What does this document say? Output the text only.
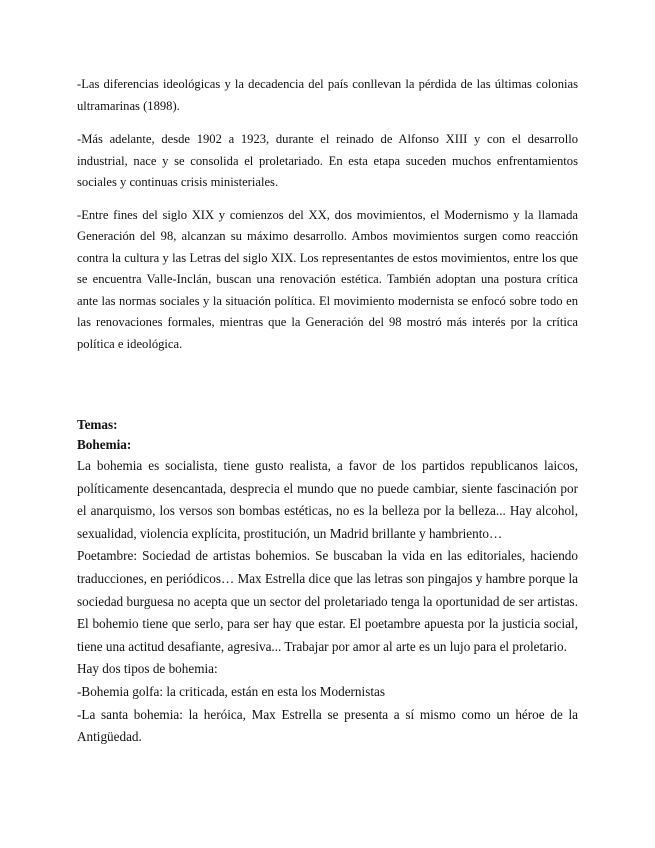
-Las diferencias ideológicas y la decadencia del país conllevan la pérdida de las últimas colonias ultramarinas (1898).

-Más adelante, desde 1902 a 1923, durante el reinado de Alfonso XIII y con el desarrollo industrial, nace y se consolida el proletariado. En esta etapa suceden muchos enfrentamientos sociales y continuas crisis ministeriales.

-Entre fines del siglo XIX y comienzos del XX, dos movimientos, el Modernismo y la llamada Generación del 98, alcanzan su máximo desarrollo. Ambos movimientos surgen como reacción contra la cultura y las Letras del siglo XIX. Los representantes de estos movimientos, entre los que se encuentra Valle-Inclán, buscan una renovación estética. También adoptan una postura crítica ante las normas sociales y la situación política. El movimiento modernista se enfocó sobre todo en las renovaciones formales, mientras que la Generación del 98 mostró más interés por la crítica política e ideológica.

Temas:

Bohemia:

La bohemia es socialista, tiene gusto realista, a favor de los partidos republicanos laicos, políticamente desencantada, desprecia el mundo que no puede cambiar, siente fascinación por el anarquismo, los versos son bombas estéticas, no es la belleza por la belleza... Hay alcohol, sexualidad, violencia explícita, prostitución, un Madrid brillante y hambriento…

Poetambre: Sociedad de artistas bohemios. Se buscaban la vida en las editoriales, haciendo traducciones, en periódicos… Max Estrella dice que las letras son pingajos y hambre porque la sociedad burguesa no acepta que un sector del proletariado tenga la oportunidad de ser artistas. El bohemio tiene que serlo, para ser hay que estar. El poetambre apuesta por la justicia social, tiene una actitud desafiante, agresiva... Trabajar por amor al arte es un lujo para el proletario.

Hay dos tipos de bohemia:

-Bohemia golfa: la criticada, están en esta los Modernistas

-La santa bohemia: la heróica, Max Estrella se presenta a sí mismo como un héroe de la Antigüedad.
